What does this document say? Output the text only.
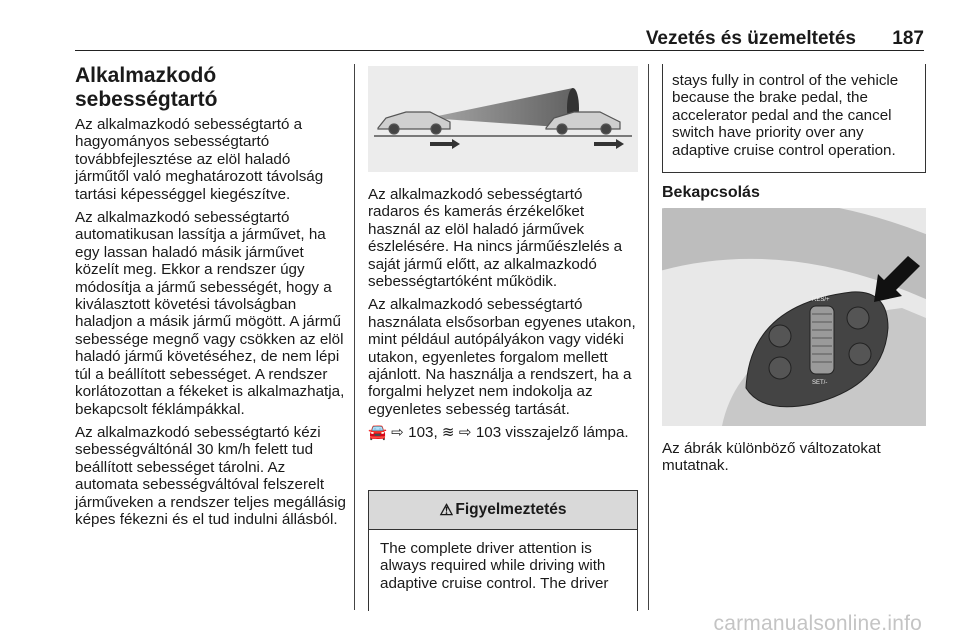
Vezetés és üzemeltetés 187
Alkalmazkodó sebességtartó

Az alkalmazkodó sebességtartó a hagyományos sebességtartó továbbfejlesztése az elöl haladó járműtől való meghatározott távolság tartási képességgel kiegészítve.

Az alkalmazkodó sebességtartó automatikusan lassítja a járművet, ha egy lassan haladó másik járművet közelít meg. Ekkor a rendszer úgy módosítja a jármű sebességét, hogy a kiválasztott követési távolságban haladjon a másik jármű mögött. A jármű sebessége megnő vagy csökken az elöl haladó jármű követéséhez, de nem lépi túl a beállított sebességet. A rendszer korlátozottan a fékeket is alkalmazhatja, bekapcsolt féklámpákkal.

Az alkalmazkodó sebességtartó kézi sebességváltónál 30 km/h felett tud beállított sebességet tárolni. Az automata sebességváltóval felszerelt járműveken a rendszer teljes megállásig képes fékezni és el tud indulni állásból.

Az alkalmazkodó sebességtartó radaros és kamerás érzékelőket használ az elöl haladó járművek észlelésére. Ha nincs járműészlelés a saját jármű előtt, az alkalmazkodó sebességtartóként működik.

Az alkalmazkodó sebességtartó használata elsősorban egyenes utakon, mint például autópályákon vagy vidéki utakon, egyenletes forgalom mellett ajánlott. Na használja a rendszert, ha a forgalmi helyzet nem indokolja az egyenletes sebesség tartását.

🚘 ⇨ 103, ≋ ⇨ 103 visszajelző lámpa.

⚠ Figyelmeztetés
The complete driver attention is always required while driving with adaptive cruise control. The driver
stays fully in control of the vehicle because the brake pedal, the accelerator pedal and the cancel switch have priority over any adaptive cruise control operation.
Bekapcsolás
RES/+
SET/-

Az ábrák különböző változatokat mutatnak.

carmanualsonline.info
